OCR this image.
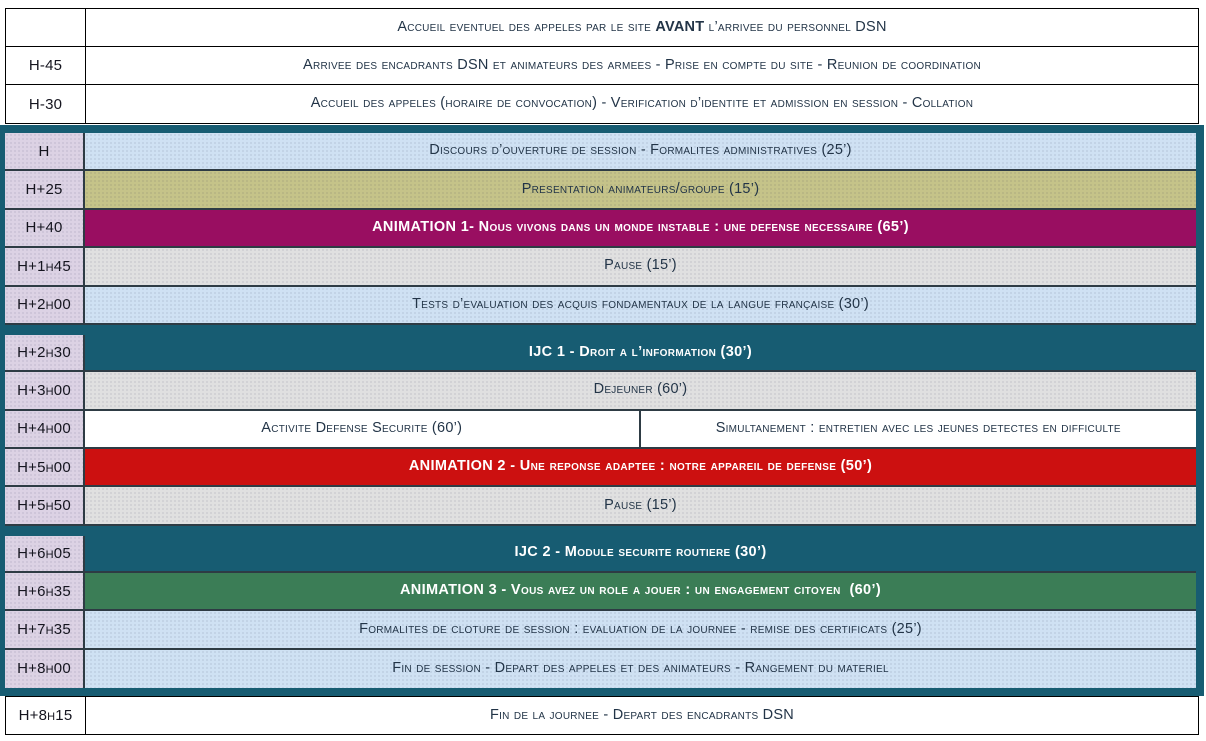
Accueil eventuel des appeles par le site AVANT l’arrivee du personnel DSN
H-45	Arrivee des encadrants DSN et animateurs des armees - Prise en compte du site - Reunion de coordination
H-30	Accueil des appeles (horaire de convocation) - Verification d’identite et admission en session - Collation
H	Discours d’ouverture de session - Formalites administratives (25’)
H+25	Presentation animateurs/groupe (15’)
H+40	ANIMATION 1- Nous vivons dans un monde instable : une defense necessaire (65’)
H+1h45	Pause (15’)
H+2h00	Tests d’evaluation des acquis fondamentaux de la langue française (30’)
H+2h30	IJC 1 - Droit a l’information (30’)
H+3h00	Dejeuner (60’)
H+4h00	Activite Defense Securite (60’)	Simultanement : entretien avec les jeunes detectes en difficulte
H+5h00	ANIMATION 2 - Une reponse adaptee : notre appareil de defense (50’)
H+5h50	Pause (15’)
H+6h05	IJC 2 - Module securite routiere (30’)
H+6h35	ANIMATION 3 - Vous avez un role a jouer : un engagement citoyen  (60’)
H+7h35	Formalites de cloture de session : evaluation de la journee - remise des certificats (25’)
H+8h00	Fin de session - Depart des appeles et des animateurs - Rangement du materiel
H+8h15	Fin de la journee - Depart des encadrants DSN
